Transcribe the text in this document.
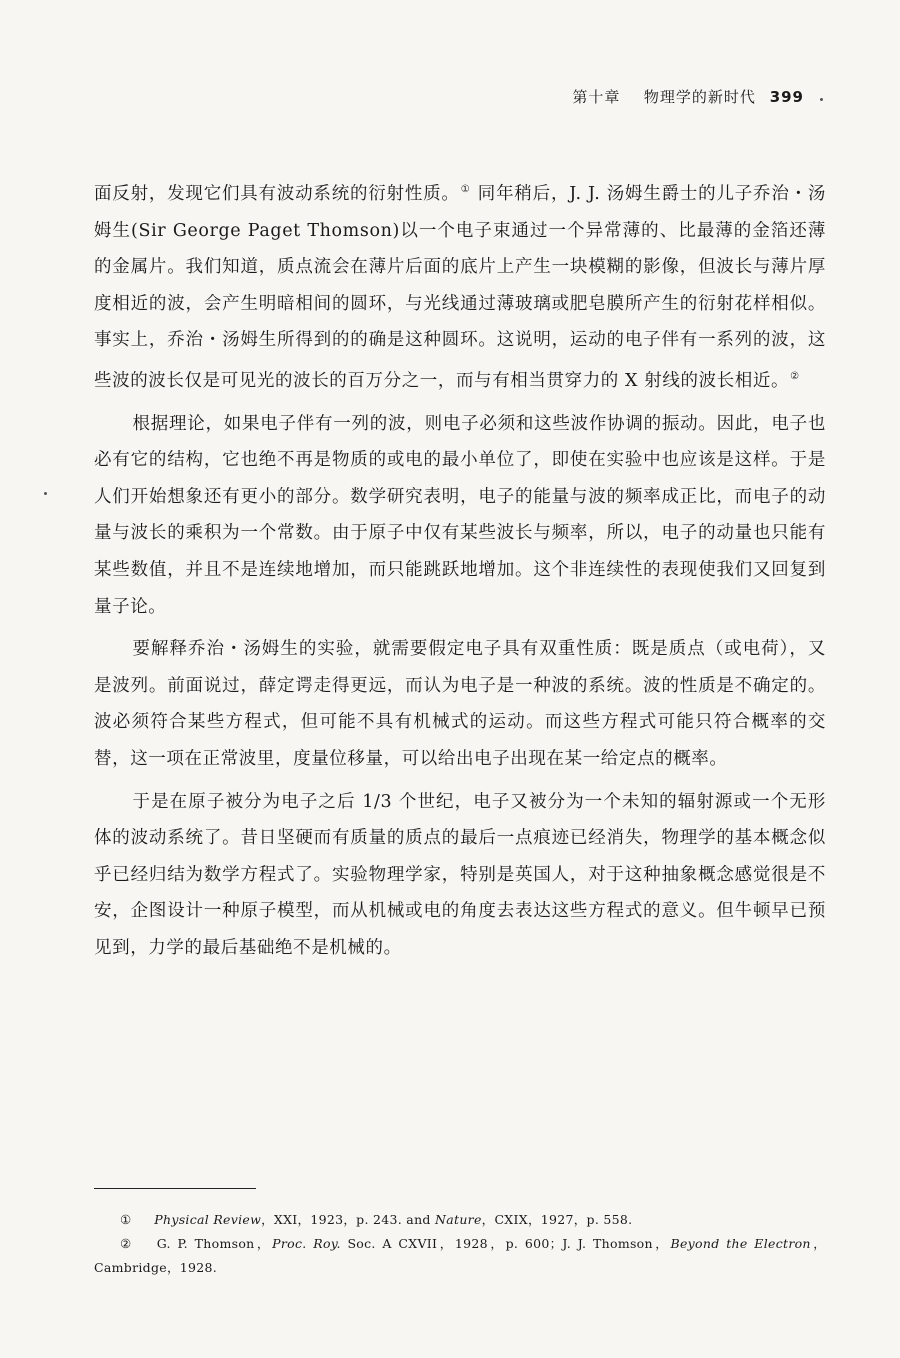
第十章 物理学的新时代 399

面反射，发现它们具有波动系统的衍射性质。① 同年稍后，J. J. 汤姆生爵士的儿子乔治・汤姆生(Sir George Paget Thomson)以一个电子束通过一个异常薄的、比最薄的金箔还薄的金属片。我们知道，质点流会在薄片后面的底片上产生一块模糊的影像，但波长与薄片厚度相近的波，会产生明暗相间的圆环，与光线通过薄玻璃或肥皂膜所产生的衍射花样相似。事实上，乔治・汤姆生所得到的的确是这种圆环。这说明，运动的电子伴有一系列的波，这些波的波长仅是可见光的波长的百万分之一，而与有相当贯穿力的 X 射线的波长相近。②

根据理论，如果电子伴有一列的波，则电子必须和这些波作协调的振动。因此，电子也必有它的结构，它也绝不再是物质的或电的最小单位了，即使在实验中也应该是这样。于是人们开始想象还有更小的部分。数学研究表明，电子的能量与波的频率成正比，而电子的动量与波长的乘积为一个常数。由于原子中仅有某些波长与频率，所以，电子的动量也只能有某些数值，并且不是连续地增加，而只能跳跃地增加。这个非连续性的表现使我们又回复到量子论。

要解释乔治・汤姆生的实验，就需要假定电子具有双重性质：既是质点（或电荷），又是波列。前面说过，薛定谔走得更远，而认为电子是一种波的系统。波的性质是不确定的。波必须符合某些方程式，但可能不具有机械式的运动。而这些方程式可能只符合概率的交替，这一项在正常波里，度量位移量，可以给出电子出现在某一给定点的概率。

于是在原子被分为电子之后 1/3 个世纪，电子又被分为一个未知的辐射源或一个无形体的波动系统了。昔日坚硬而有质量的质点的最后一点痕迹已经消失，物理学的基本概念似乎已经归结为数学方程式了。实验物理学家，特别是英国人，对于这种抽象概念感觉很是不安，企图设计一种原子模型，而从机械或电的角度去表达这些方程式的意义。但牛顿早已预见到，力学的最后基础绝不是机械的。

① Physical Review，XXI，1923，p. 243. and Nature，CXIX，1927，p. 558.
② G. P. Thomson，Proc. Roy. Soc. A CXVII，1928，p. 600；J. J. Thomson，Beyond the Electron，Cambridge，1928.
